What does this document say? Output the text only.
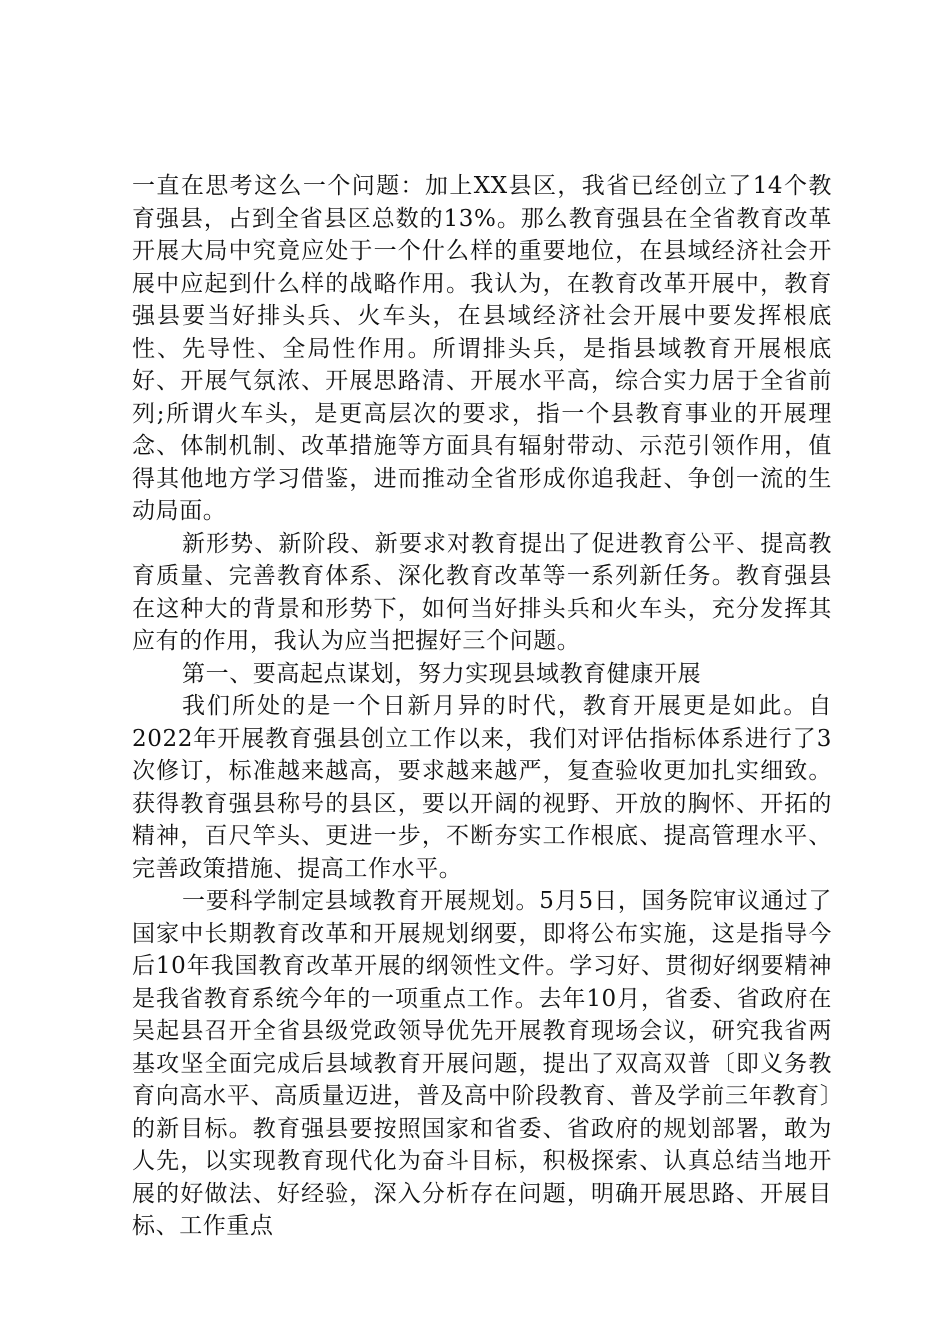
一直在思考这么一个问题：加上XX县区，我省已经创立了14个教育强县，占到全省县区总数的13%。那么教育强县在全省教育改革开展大局中究竟应处于一个什么样的重要地位，在县域经济社会开展中应起到什么样的战略作用。我认为，在教育改革开展中，教育强县要当好排头兵、火车头，在县域经济社会开展中要发挥根底性、先导性、全局性作用。所谓排头兵，是指县域教育开展根底好、开展气氛浓、开展思路清、开展水平高，综合实力居于全省前列;所谓火车头，是更高层次的要求，指一个县教育事业的开展理念、体制机制、改革措施等方面具有辐射带动、示范引领作用，值得其他地方学习借鉴，进而推动全省形成你追我赶、争创一流的生动局面。

新形势、新阶段、新要求对教育提出了促进教育公平、提高教育质量、完善教育体系、深化教育改革等一系列新任务。教育强县在这种大的背景和形势下，如何当好排头兵和火车头，充分发挥其应有的作用，我认为应当把握好三个问题。

第一、要高起点谋划，努力实现县域教育健康开展

我们所处的是一个日新月异的时代，教育开展更是如此。自2022年开展教育强县创立工作以来，我们对评估指标体系进行了3次修订，标准越来越高，要求越来越严，复查验收更加扎实细致。获得教育强县称号的县区，要以开阔的视野、开放的胸怀、开拓的精神，百尺竿头、更进一步，不断夯实工作根底、提高管理水平、完善政策措施、提高工作水平。

一要科学制定县域教育开展规划。5月5日，国务院审议通过了国家中长期教育改革和开展规划纲要，即将公布实施，这是指导今后10年我国教育改革开展的纲领性文件。学习好、贯彻好纲要精神是我省教育系统今年的一项重点工作。去年10月，省委、省政府在吴起县召开全省县级党政领导优先开展教育现场会议，研究我省两基攻坚全面完成后县域教育开展问题，提出了双高双普〔即义务教育向高水平、高质量迈进，普及高中阶段教育、普及学前三年教育〕的新目标。教育强县要按照国家和省委、省政府的规划部署，敢为人先，以实现教育现代化为奋斗目标，积极探索、认真总结当地开展的好做法、好经验，深入分析存在问题，明确开展思路、开展目标、工作重点
